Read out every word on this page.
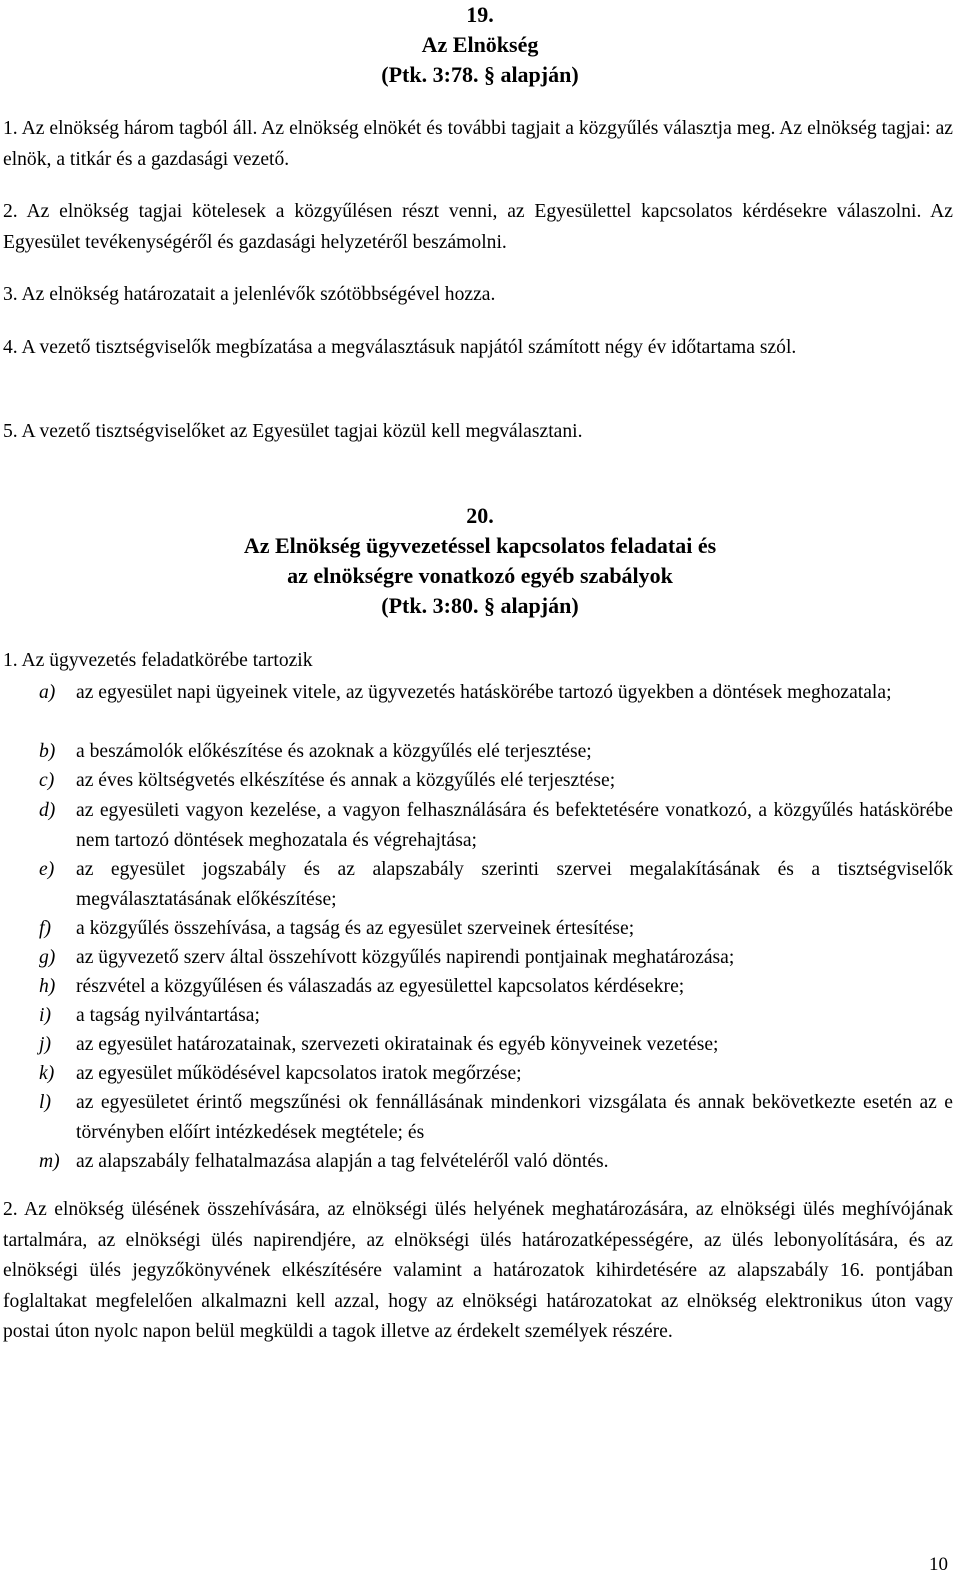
19.
Az Elnökség
(Ptk. 3:78. § alapján)
1. Az elnökség három tagból áll. Az elnökség elnökét és további tagjait a közgyűlés választja meg. Az elnökség tagjai: az elnök, a titkár és a gazdasági vezető.
2. Az elnökség tagjai kötelesek a közgyűlésen részt venni, az Egyesülettel kapcsolatos kérdésekre válaszolni. Az Egyesület tevékenységéről és gazdasági helyzetéről beszámolni.
3. Az elnökség határozatait a jelenlévők szótöbbségével hozza.
4. A vezető tisztségviselők megbízatása a megválasztásuk napjától számított négy év időtartama szól.
5. A vezető tisztségviselőket az Egyesület tagjai közül kell megválasztani.
20.
Az Elnökség ügyvezetéssel kapcsolatos feladatai és
az elnökségre vonatkozó egyéb szabályok
(Ptk. 3:80. § alapján)
1. Az ügyvezetés feladatkörébe tartozik
a) az egyesület napi ügyeinek vitele, az ügyvezetés hatáskörébe tartozó ügyekben a döntések meghozatala;
b) a beszámolók előkészítése és azoknak a közgyűlés elé terjesztése;
c) az éves költségvetés elkészítése és annak a közgyűlés elé terjesztése;
d) az egyesületi vagyon kezelése, a vagyon felhasználására és befektetésére vonatkozó, a közgyűlés hatáskörébe nem tartozó döntések meghozatala és végrehajtása;
e) az egyesület jogszabály és az alapszabály szerinti szervei megalakításának és a tisztségviselők megválasztatásának előkészítése;
f) a közgyűlés összehívása, a tagság és az egyesület szerveinek értesítése;
g) az ügyvezető szerv által összehívott közgyűlés napirendi pontjainak meghatározása;
h) részvétel a közgyűlésen és válaszadás az egyesülettel kapcsolatos kérdésekre;
i) a tagság nyilvántartása;
j) az egyesület határozatainak, szervezeti okiratainak és egyéb könyveinek vezetése;
k) az egyesület működésével kapcsolatos iratok megőrzése;
l) az egyesületet érintő megszűnési ok fennállásának mindenkori vizsgálata és annak bekövetkezte esetén az e törvényben előírt intézkedések megtétele; és
m) az alapszabály felhatalmazása alapján a tag felvételéről való döntés.
2. Az elnökség ülésének összehívására, az elnökségi ülés helyének meghatározására, az elnökségi ülés meghívójának tartalmára, az elnökségi ülés napirendjére, az elnökségi ülés határozatképességére, az ülés lebonyolítására, és az elnökségi ülés jegyzőkönyvének elkészítésére valamint a határozatok kihirdetésére az alapszabály 16. pontjában foglaltakat megfelelően alkalmazni kell azzal, hogy az elnökségi határozatokat az elnökség elektronikus úton vagy postai úton nyolc napon belül megküldi a tagok illetve az érdekelt személyek részére.
10
